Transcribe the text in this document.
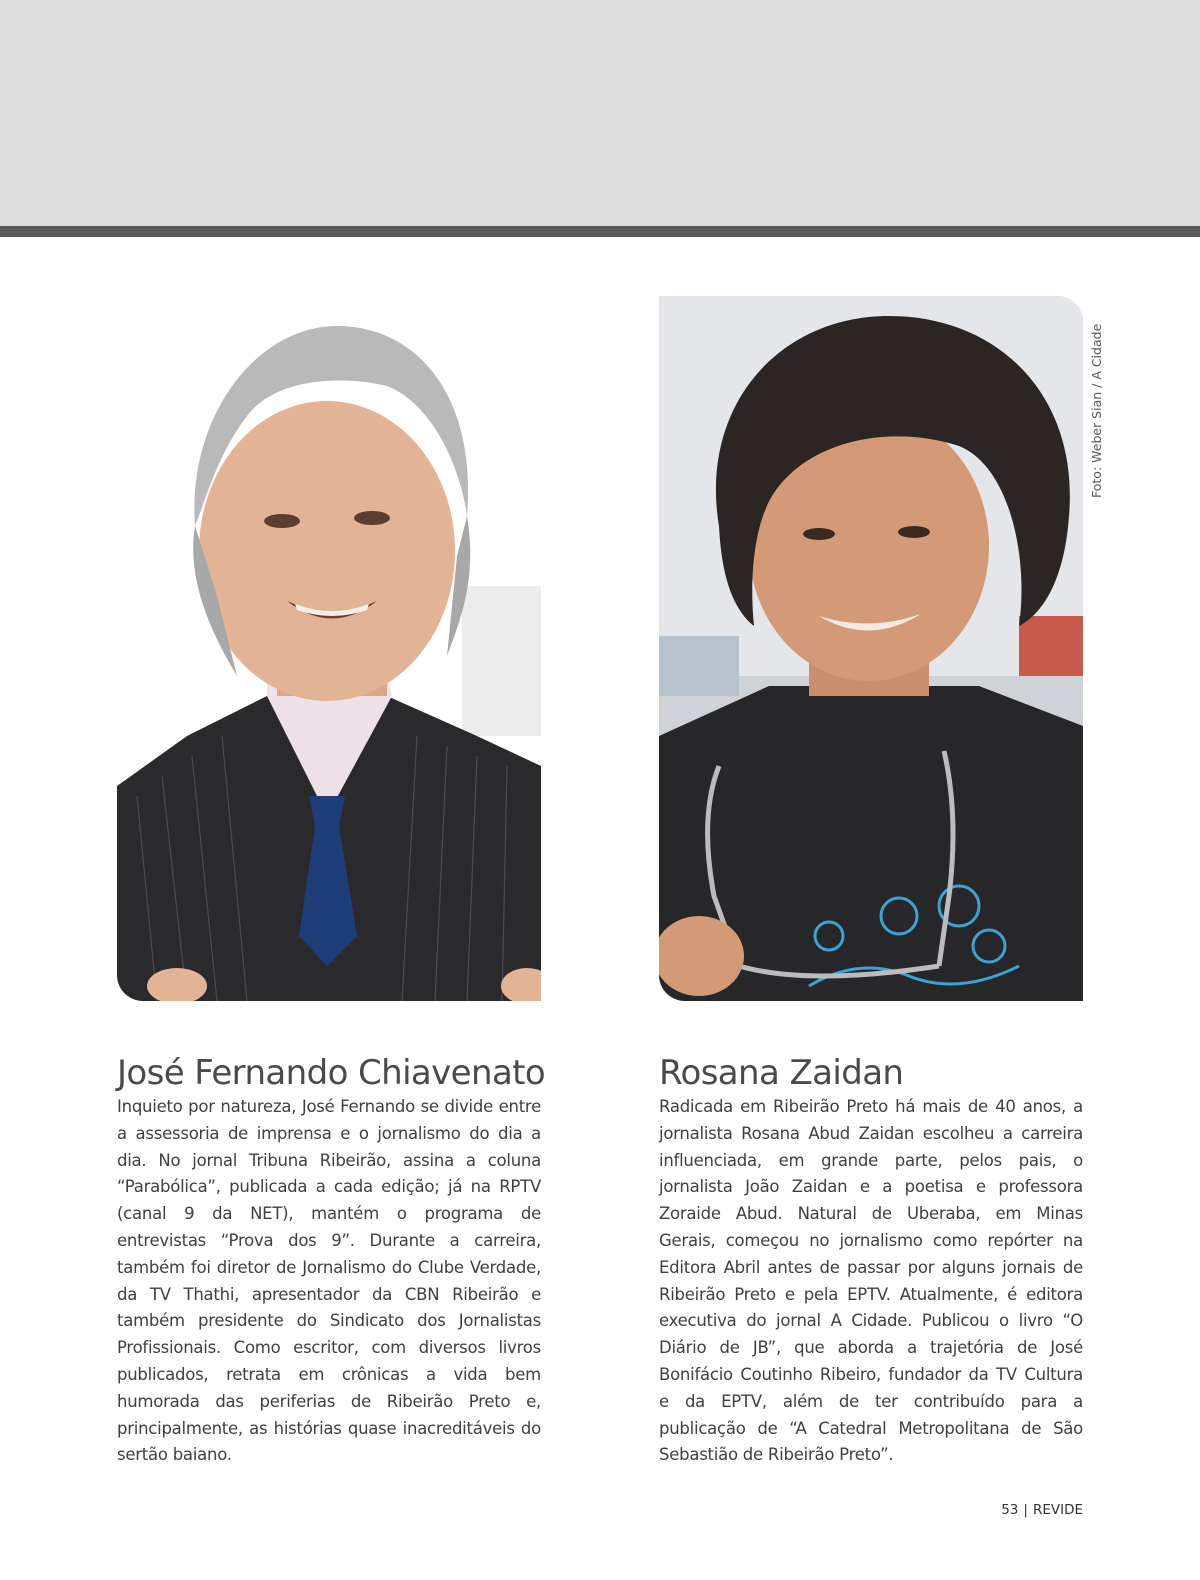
Foto: Weber Sian / A Cidade
José Fernando Chiavenato

Inquieto por natureza, José Fernando se divide entre a assessoria de imprensa e o jornalismo do dia a dia. No jornal Tribuna Ribeirão, assina a coluna “Parabólica”, publicada a cada edição; já na RPTV (canal 9 da NET), mantém o programa de entrevistas “Prova dos 9”. Durante a carreira, também foi diretor de Jornalismo do Clube Verdade, da TV Thathi, apresentador da CBN Ribeirão e também presidente do Sindicato dos Jornalistas Profissionais. Como escritor, com diversos livros publicados, retrata em crônicas a vida bem humorada das periferias de Ribeirão Preto e, principalmente, as histórias quase inacreditáveis do sertão baiano.

Rosana Zaidan

Radicada em Ribeirão Preto há mais de 40 anos, a jornalista Rosana Abud Zaidan escolheu a carreira influenciada, em grande parte, pelos pais, o jornalista João Zaidan e a poetisa e professora Zoraide Abud. Natural de Uberaba, em Minas Gerais, começou no jornalismo como repórter na Editora Abril antes de passar por alguns jornais de Ribeirão Preto e pela EPTV. Atualmente, é editora executiva do jornal A Cidade. Publicou o livro “O Diário de JB”, que aborda a trajetória de José Bonifácio Coutinho Ribeiro, fundador da TV Cultura e da EPTV, além de ter contribuído para a publicação de “A Catedral Metropolitana de São Sebastião de Ribeirão Preto”.

53 | REVIDE
